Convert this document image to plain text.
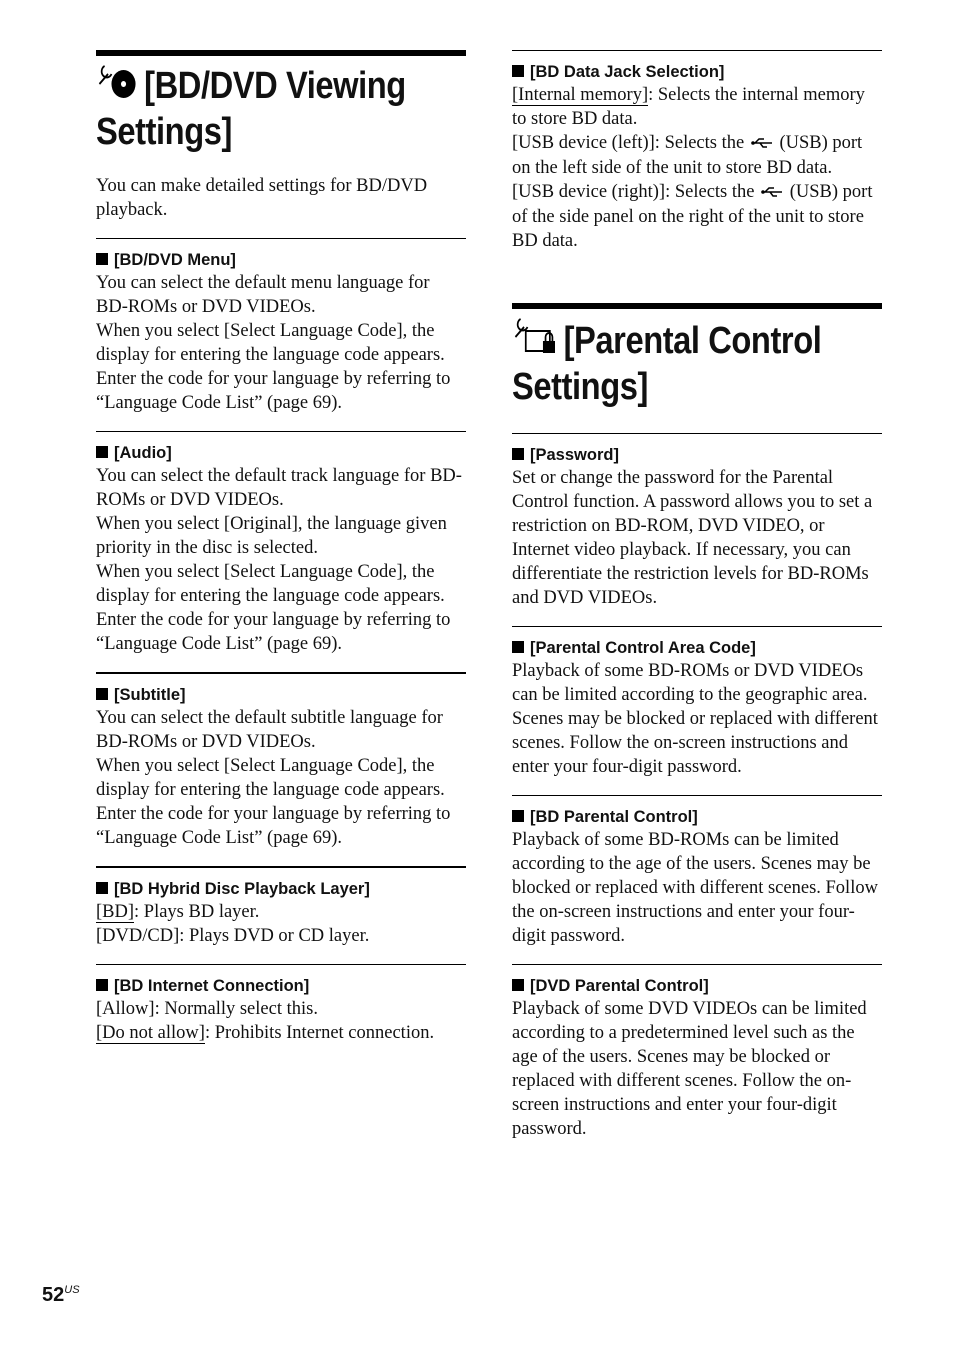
[BD/DVD Viewing Settings]
You can make detailed settings for BD/DVD playback.
[BD/DVD Menu]

You can select the default menu language for BD-ROMs or DVD VIDEOs.

When you select [Select Language Code], the display for entering the language code appears. Enter the code for your language by referring to “Language Code List” (page 69).

[Audio]

You can select the default track language for BD-ROMs or DVD VIDEOs.

When you select [Original], the language given priority in the disc is selected.

When you select [Select Language Code], the display for entering the language code appears. Enter the code for your language by referring to “Language Code List” (page 69).

[Subtitle]

You can select the default subtitle language for BD-ROMs or DVD VIDEOs.

When you select [Select Language Code], the display for entering the language code appears. Enter the code for your language by referring to “Language Code List” (page 69).

[BD Hybrid Disc Playback Layer]

[BD]: Plays BD layer.

[DVD/CD]: Plays DVD or CD layer.

[BD Internet Connection]

[Allow]: Normally select this.

[Do not allow]: Prohibits Internet connection.

[BD Data Jack Selection]

[Internal memory]: Selects the internal memory to store BD data.

[USB device (left)]: Selects the (USB) port on the left side of the unit to store BD data.

[USB device (right)]: Selects the (USB) port of the side panel on the right of the unit to store BD data.

[Parental Control Settings]
[Password]

Set or change the password for the Parental Control function. A password allows you to set a restriction on BD-ROM, DVD VIDEO, or Internet video playback. If necessary, you can differentiate the restriction levels for BD-ROMs and DVD VIDEOs.

[Parental Control Area Code]

Playback of some BD-ROMs or DVD VIDEOs can be limited according to the geographic area. Scenes may be blocked or replaced with different scenes. Follow the on-screen instructions and enter your four-digit password.

[BD Parental Control]

Playback of some BD-ROMs can be limited according to the age of the users. Scenes may be blocked or replaced with different scenes. Follow the on-screen instructions and enter your four-digit password.

[DVD Parental Control]

Playback of some DVD VIDEOs can be limited according to a predetermined level such as the age of the users. Scenes may be blocked or replaced with different scenes. Follow the on-screen instructions and enter your four-digit password.

$52^{US}$
